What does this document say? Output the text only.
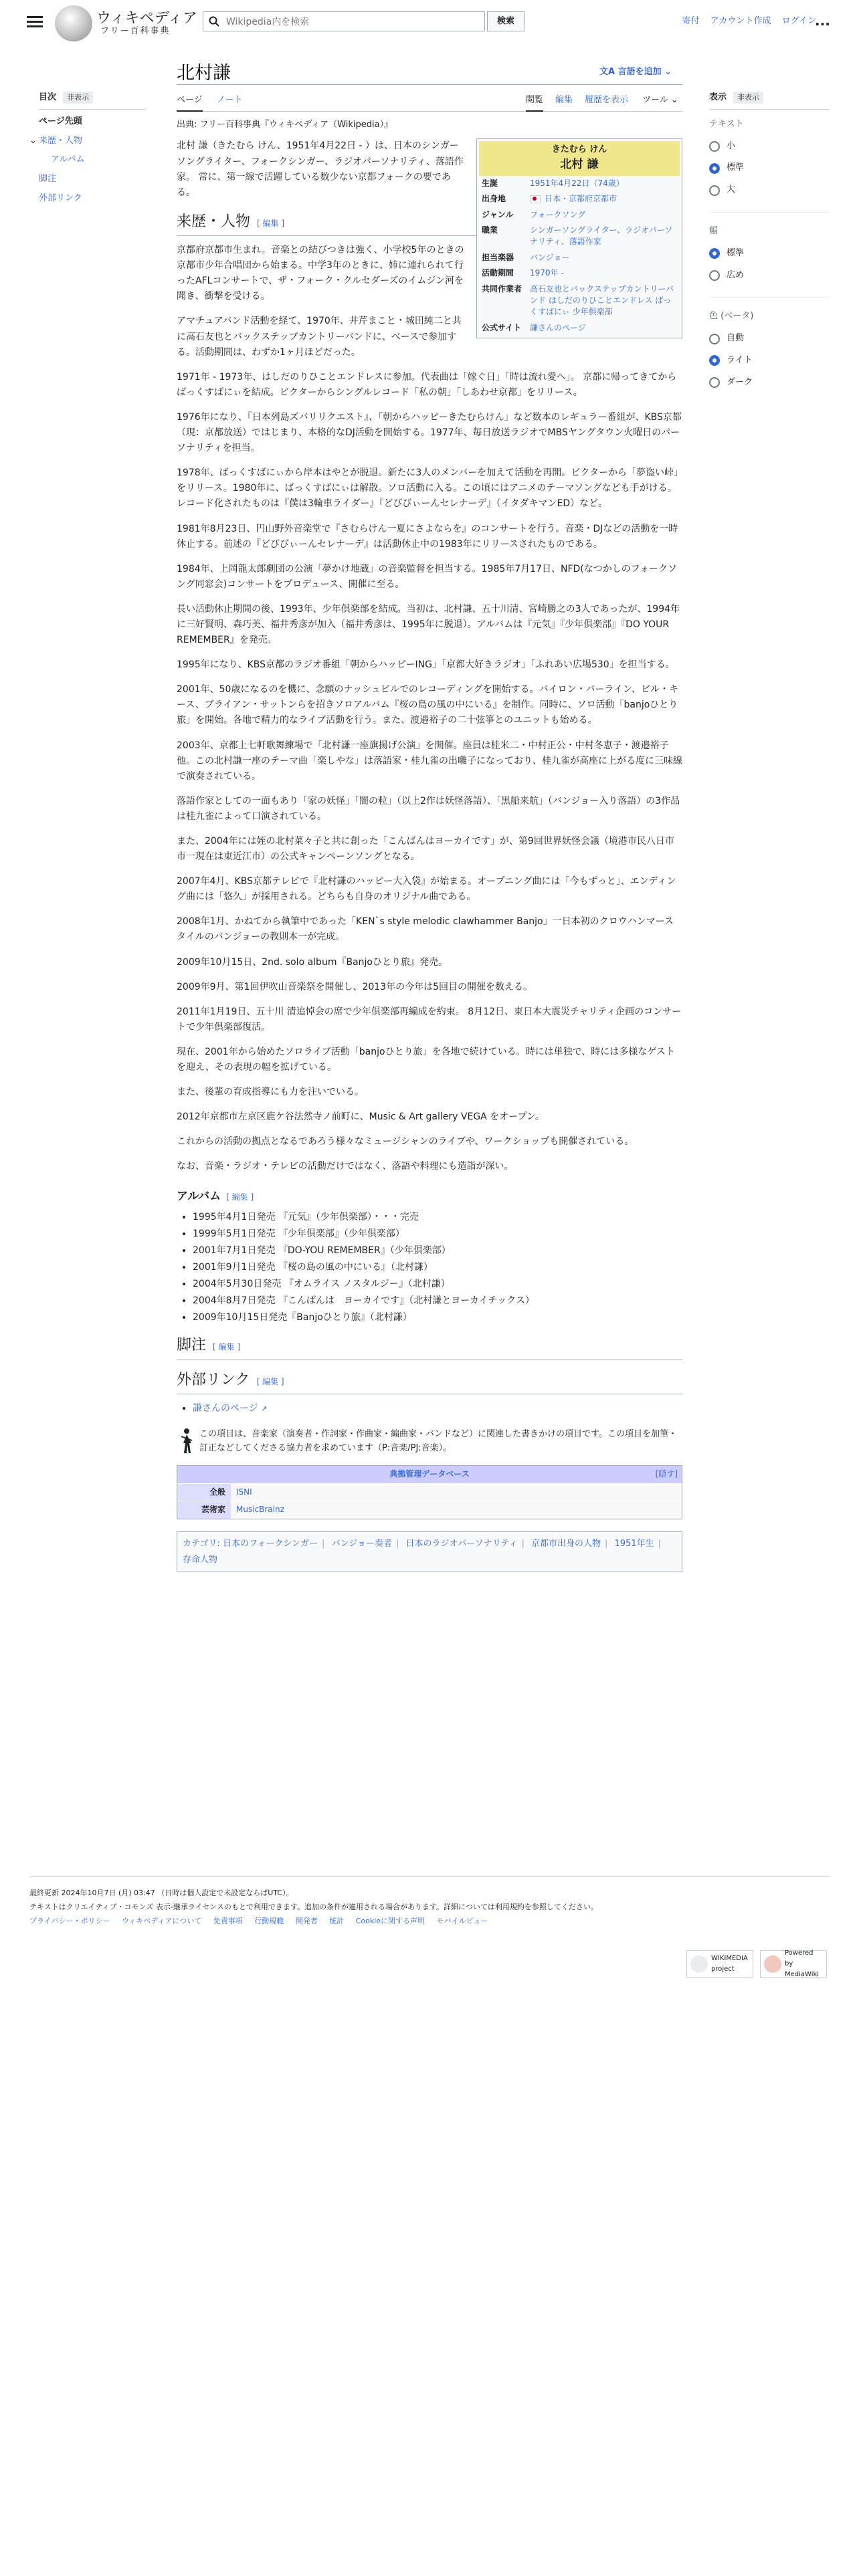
ウィキペディア
フリー百科事典
Wikipedia内を検索
検索	寄付 アカウント作成 ログイン
···
目次	非表示
ページ先頭
⌄ 来歴・人物
アルバム
脚注
外部リンク
北村謙	文A 言語を追加 ⌄
ページ ノート	閲覧 編集 履歴を表示 ツール ⌄	表示	非表示
テキスト
小
標準
大
幅
標準
広め
色 (ベータ)
自動
ライト
ダーク
出典: フリー百科事典『ウィキペディア（Wikipedia）』
きたむら けん
北村 謙
生誕	1951年4月22日（74歳）
出身地	日本・京都府京都市
ジャンル	フォークソング
職業	シンガーソングライター、ラジオパーソナリティ、落語作家
担当楽器	バンジョー
活動期間	1970年 -
共同作業者 高石友也とバックステップカントリーバンド はしだのりひことエンドレス ばっくすばにぃ 少年倶楽部
公式サイト	謙さんのページ

北村 謙（きたむら けん、1951年4月22日 - ）は、日本のシンガーソングライター、フォークシンガー、ラジオパーソナリティ、落語作家。 常に、第一線で活躍している数少ない京都フォークの要である。

来歴・人物 [ 編集 ]

京都府京都市生まれ。音楽との結びつきは強く、小学校5年のときの京都市少年合唱団から始まる。中学3年のときに、姉に連れられて行ったAFLコンサートで、ザ・フォーク・クルセダーズのイムジン河を聞き、衝撃を受ける。

アマチュアバンド活動を経て、1970年、井芹まこと・城田純二と共に高石友也とバックステップカントリーバンドに、ベースで参加する。活動期間は、わずか1ヶ月ほどだった。

1971年 - 1973年、はしだのりひことエンドレスに参加。代表曲は「嫁ぐ日」「時は流れ愛へ」。 京都に帰ってきてからばっくすばにぃを結成。ビクターからシングルレコード「私の朝」「しあわせ京都」をリリース。

1976年になり、『日本列島ズバリリクエスト』、「朝からハッピーきたむらけん」など数本のレギュラー番組が、KBS京都（現：京都放送）ではじまり、本格的なDJ活動を開始する。1977年、毎日放送ラジオでMBSヤングタウン火曜日のパーソナリティを担当。

1978年、ばっくすばにぃから岸本はやとが脱退。新たに3人のメンバーを加えて活動を再開。ビクターから「夢盗い峠」をリリース。1980年に、ばっくすばにぃは解散。ソロ活動に入る。この頃にはアニメのテーマソングなども手がける。レコード化されたものは『僕は3輪車ライダー』『どびびぃーんセレナーデ』（イタダキマンED）など。

1981年8月23日、円山野外音楽堂で『さむらけん一夏にさよならを』のコンサートを行う。音楽・DJなどの活動を一時休止する。前述の『どびびぃーんセレナーデ』は活動休止中の1983年にリリースされたものである。

1984年、上岡龍太郎劇団の公演「夢かけ地蔵」の音楽監督を担当する。1985年7月17日、NFD(なつかしのフォークソング同窓会)コンサートをプロデュース、開催に至る。

長い活動休止期間の後、1993年、少年倶楽部を結成。当初は、北村謙、五十川清、宮崎勝之の3人であったが、1994年に三好賢明、森巧美、福井秀彦が加入（福井秀彦は、1995年に脱退）。アルバムは『元気』『少年倶楽部』『DO YOUR REMEMBER』を発売。

1995年になり、KBS京都のラジオ番組「朝からハッピーING」「京都大好きラジオ」「ふれあい広場530」を担当する。

2001年、50歳になるのを機に、念願のナッシュビルでのレコーディングを開始する。バイロン・バーライン、ビル・キース、ブライアン・サットンらを招きソロアルバム『桜の島の風の中にいる』を制作。同時に、ソロ活動「banjoひとり旅」を開始。各地で精力的なライブ活動を行う。また、渡邉裕子の二十弦箏とのユニットも始める。

2003年、京都上七軒歌舞練場で「北村謙一座旗揚げ公演」を開催。座員は桂米二・中村正公・中村冬恵子・渡邉裕子　他。この北村謙一座のテーマ曲「楽しやな」は落語家・桂九雀の出囃子になっており、桂九雀が高座に上がる度に三味線で演奏されている。

落語作家としての一面もあり「家の妖怪」「闇の粒」（以上2作は妖怪落語）、「黒船来航」（バンジョー入り落語）の3作品は桂九雀によって口演されている。

また、2004年には姪の北村菜々子と共に創った「こんばんはヨーカイです」が、第9回世界妖怪会議（境港市民八日市市一現在は東近江市）の公式キャンペーンソングとなる。

2007年4月、KBS京都テレビで『北村謙のハッピー大入袋』が始まる。オープニング曲には「今もずっと」、エンディング曲には「悠久」が採用される。どちらも自身のオリジナル曲である。

2008年1月、かねてから執筆中であった「KEN`s style melodic clawhammer Banjo」一日本初のクロウハンマースタイルのバンジョーの教則本一が完成。

2009年10月15日、2nd. solo album『Banjoひとり旅』発売。

2009年9月、第1回伊吹山音楽祭を開催し、2013年の今年は5回目の開催を数える。

2011年1月19日、五十川 清追悼会の席で少年倶楽部再編成を約束。 8月12日、東日本大震災チャリティ企画のコンサートで少年倶楽部復活。

現在、2001年から始めたソロライブ活動「banjoひとり旅」を各地で続けている。時には単独で、時には多様なゲストを迎え、その表現の幅を拡げている。

また、後輩の育成指導にも力を注いでいる。

2012年京都市左京区鹿ケ谷法然寺ノ前町に、Music & Art gallery VEGA をオープン。

これからの活動の拠点となるであろう様々なミュージシャンのライブや、ワークショップも開催されている。

なお、音楽・ラジオ・テレビの活動だけではなく、落語や料理にも造詣が深い。

アルバム [ 編集 ]
• 1995年4月1日発売 『元気』（少年倶楽部）・・・完売
• 1999年5月1日発売 『少年倶楽部』（少年倶楽部）
• 2001年7月1日発売 『DO-YOU REMEMBER』（少年倶楽部）
• 2001年9月1日発売 『桜の島の風の中にいる』（北村謙）
• 2004年5月30日発売 『オムライス ノスタルジー』（北村謙）
• 2004年8月7日発売 『こんばんは　ヨーカイです』（北村謙とヨーカイチックス）
• 2009年10月15日発売『Banjoひとり旅』（北村謙）
脚注 [ 編集 ]
外部リンク [ 編集 ]
• 謙さんのページ ↗
この項目は、音楽家（演奏者・作詞家・作曲家・編曲家・バンドなど）に関連した書きかけの項目です。この項目を加筆・訂正などしてくださる協力者を求めています（P:音楽/PJ:音楽）。
典拠管理データベース	[隠す]
全般	ISNI
芸術家	MusicBrainz
カテゴリ: 日本のフォークシンガー | バンジョー奏者 | 日本のラジオパーソナリティ | 京都市出身の人物 | 1951年生 | 存命人物
最終更新 2024年10月7日 (月) 03:47 （日時は個人設定で未設定ならばUTC）。
テキストはクリエイティブ・コモンズ 表示-継承ライセンスのもとで利用できます。追加の条件が適用される場合があります。詳細については利用規約を参照してください。
プライバシー・ポリシー ウィキペディアについて 免責事項 行動規範 開発者 統計 Cookieに関する声明 モバイルビュー
WIKIMEDIA project
Powered by MediaWiki
